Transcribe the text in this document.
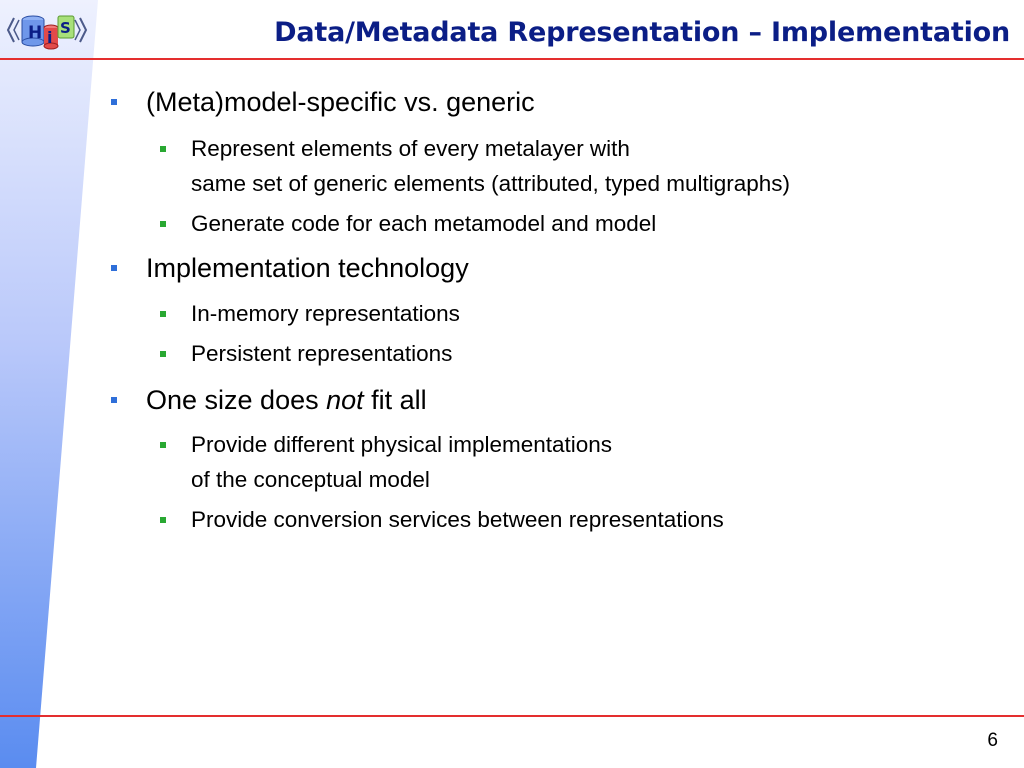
H i S	Data/Metadata Representation – Implementation

(Meta)model-specific vs. generic

Represent elements of every metalayer with
same set of generic elements (attributed, typed multigraphs)

Generate code for each metamodel and model

Implementation technology

In-memory representations

Persistent representations

One size does not fit all

Provide different physical implementations
of the conceptual model

Provide conversion services between representations

6
